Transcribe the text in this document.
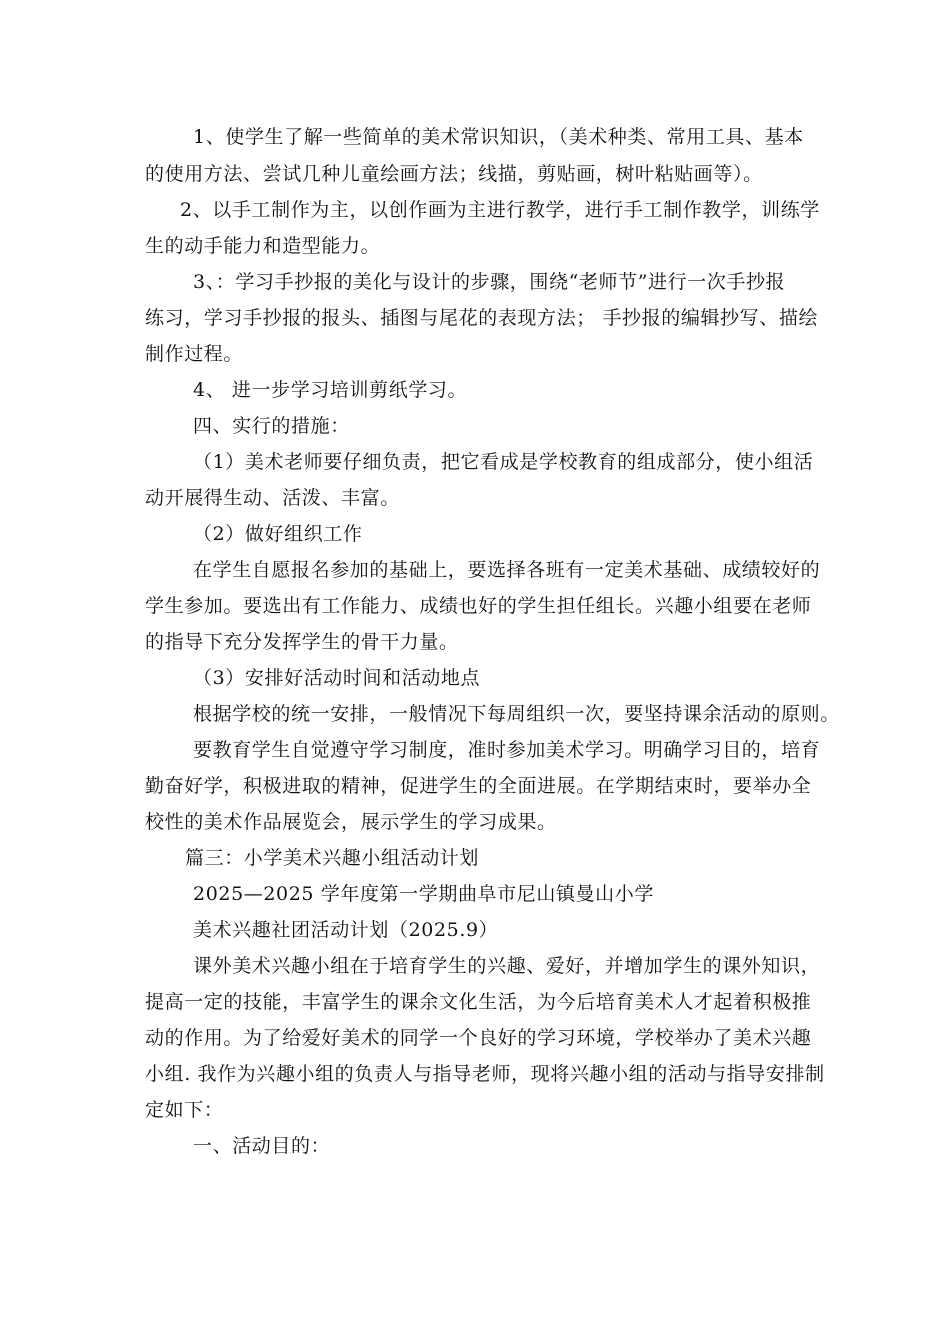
1、使学生了解一些简单的美术常识知识，（美术种类、常用工具、基本
的使用方法、尝试几种儿童绘画方法；线描，剪贴画，树叶粘贴画等）。
2、以手工制作为主，以创作画为主进行教学，进行手工制作教学，训练学
生的动手能力和造型能力。
3、：学习手抄报的美化与设计的步骤，围绕“老师节”进行一次手抄报
练习，学习手抄报的报头、插图与尾花的表现方法； 手抄报的编辑抄写、描绘
制作过程。
4、 进一步学习培训剪纸学习。
四、实行的措施：
（1）美术老师要仔细负责，把它看成是学校教育的组成部分，使小组活
动开展得生动、活泼、丰富。
（2）做好组织工作
在学生自愿报名参加的基础上，要选择各班有一定美术基础、成绩较好的
学生参加。要选出有工作能力、成绩也好的学生担任组长。兴趣小组要在老师
的指导下充分发挥学生的骨干力量。
（3）安排好活动时间和活动地点
根据学校的统一安排，一般情况下每周组织一次，要坚持课余活动的原则。
要教育学生自觉遵守学习制度，准时参加美术学习。明确学习目的，培育
勤奋好学，积极进取的精神，促进学生的全面进展。在学期结束时，要举办全
校性的美术作品展览会，展示学生的学习成果。
篇三：小学美术兴趣小组活动计划
2025—2025 学年度第一学期曲阜市尼山镇曼山小学
美术兴趣社团活动计划（2025.9）
课外美术兴趣小组在于培育学生的兴趣、爱好，并增加学生的课外知识，
提高一定的技能，丰富学生的课余文化生活，为今后培育美术人才起着积极推
动的作用。为了给爱好美术的同学一个良好的学习环境，学校举办了美术兴趣
小组. 我作为兴趣小组的负责人与指导老师，现将兴趣小组的活动与指导安排制
定如下：
一、活动目的：
